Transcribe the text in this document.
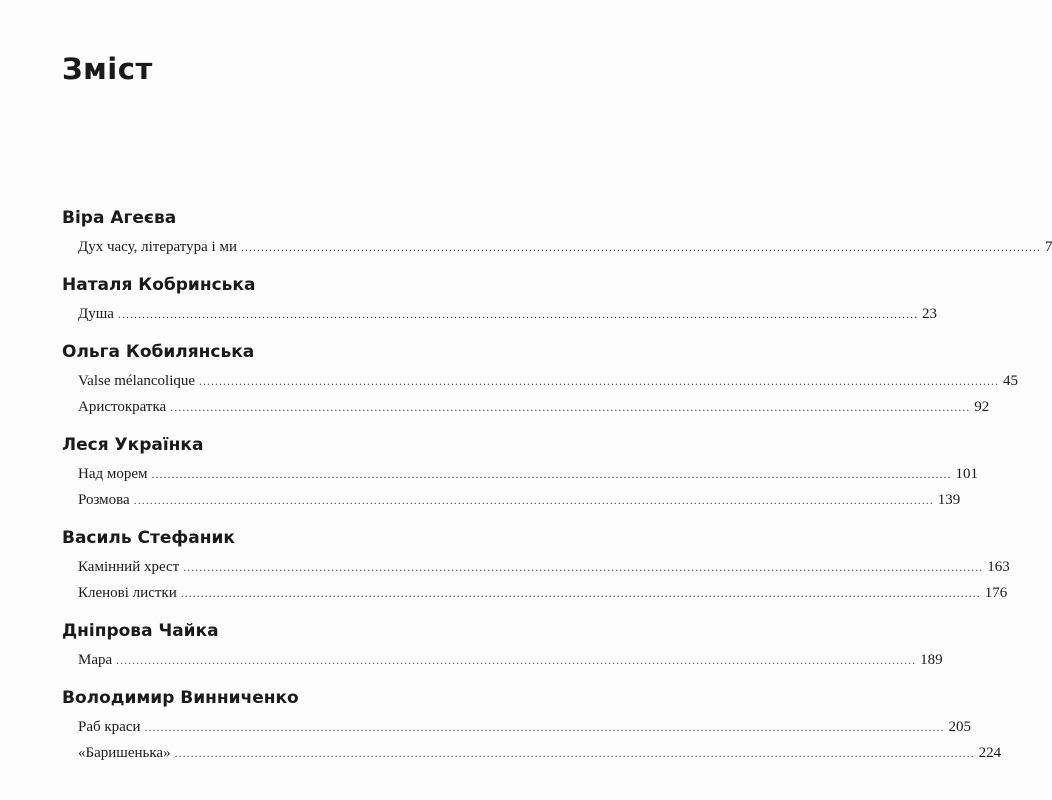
Зміст
Віра Агеєва
Дух часу, література і ми ........................................................................................................................................................................................................ 7
Наталя Кобринська
Душа ........................................................................................................................................................................................................ 23
Ольга Кобилянська
Valse mélancolique ........................................................................................................................................................................................................ 45
Аристократка ........................................................................................................................................................................................................ 92
Леся Українка
Над морем ........................................................................................................................................................................................................ 101
Розмова ........................................................................................................................................................................................................ 139
Василь Стефаник
Камінний хрест ........................................................................................................................................................................................................ 163
Кленові листки ........................................................................................................................................................................................................ 176
Дніпрова Чайка
Мара ........................................................................................................................................................................................................ 189
Володимир Винниченко
Раб краси ........................................................................................................................................................................................................ 205
«Баришенька» ........................................................................................................................................................................................................ 224
